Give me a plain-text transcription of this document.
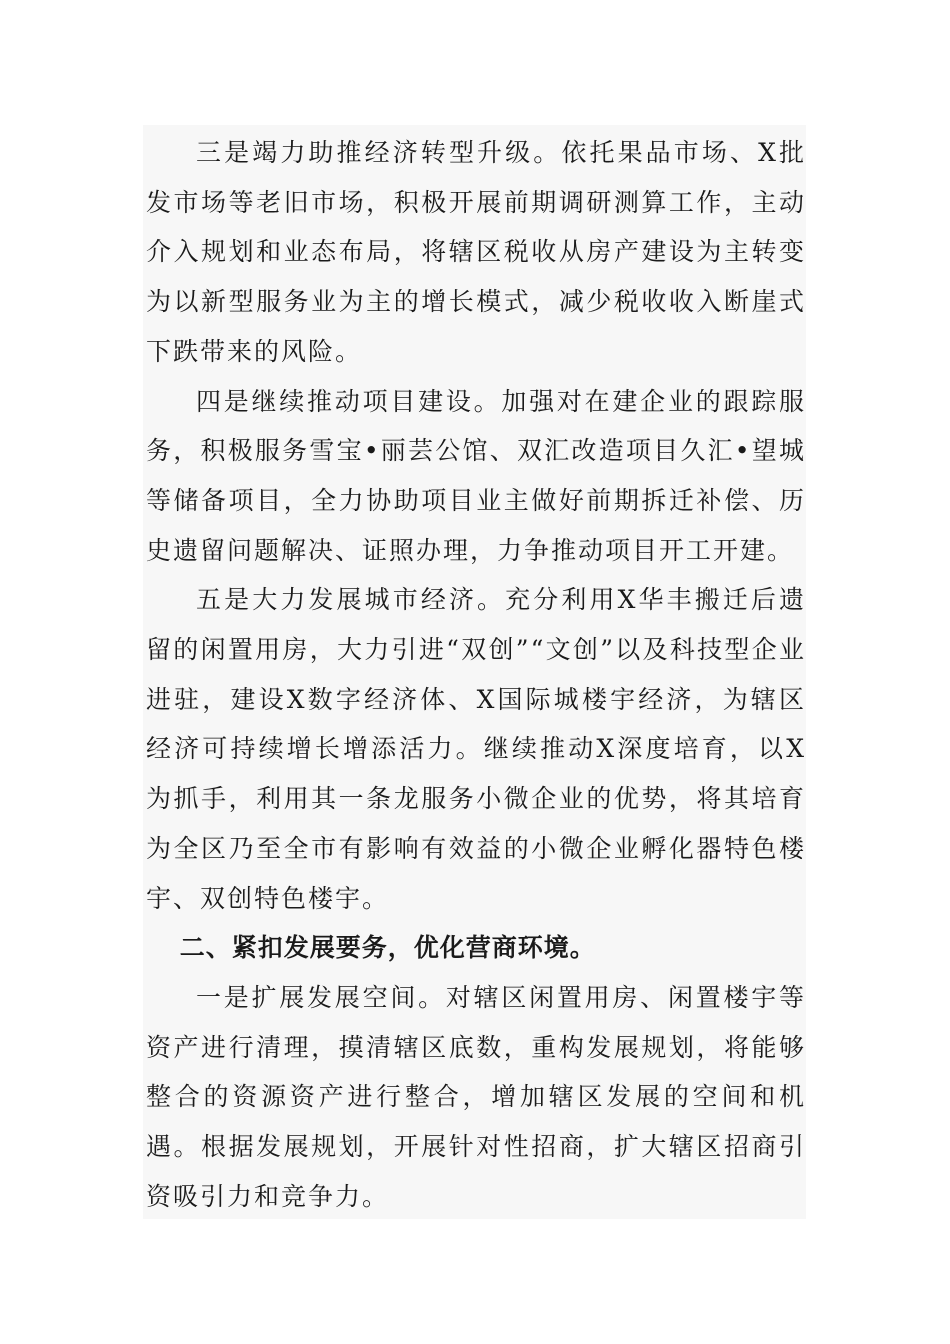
三是竭力助推经济转型升级。依托果品市场、X批发市场等老旧市场，积极开展前期调研测算工作，主动介入规划和业态布局，将辖区税收从房产建设为主转变为以新型服务业为主的增长模式，减少税收收入断崖式下跌带来的风险。

四是继续推动项目建设。加强对在建企业的跟踪服务，积极服务雪宝•丽芸公馆、双汇改造项目久汇•望城等储备项目，全力协助项目业主做好前期拆迁补偿、历史遗留问题解决、证照办理，力争推动项目开工开建。

五是大力发展城市经济。充分利用X华丰搬迁后遗留的闲置用房，大力引进“双创”“文创”以及科技型企业进驻，建设X数字经济体、X国际城楼宇经济，为辖区经济可持续增长增添活力。继续推动X深度培育，以X为抓手，利用其一条龙服务小微企业的优势，将其培育为全区乃至全市有影响有效益的小微企业孵化器特色楼宇、双创特色楼宇。

二、紧扣发展要务，优化营商环境。

一是扩展发展空间。对辖区闲置用房、闲置楼宇等资产进行清理，摸清辖区底数，重构发展规划，将能够整合的资源资产进行整合，增加辖区发展的空间和机遇。根据发展规划，开展针对性招商，扩大辖区招商引资吸引力和竞争力。
